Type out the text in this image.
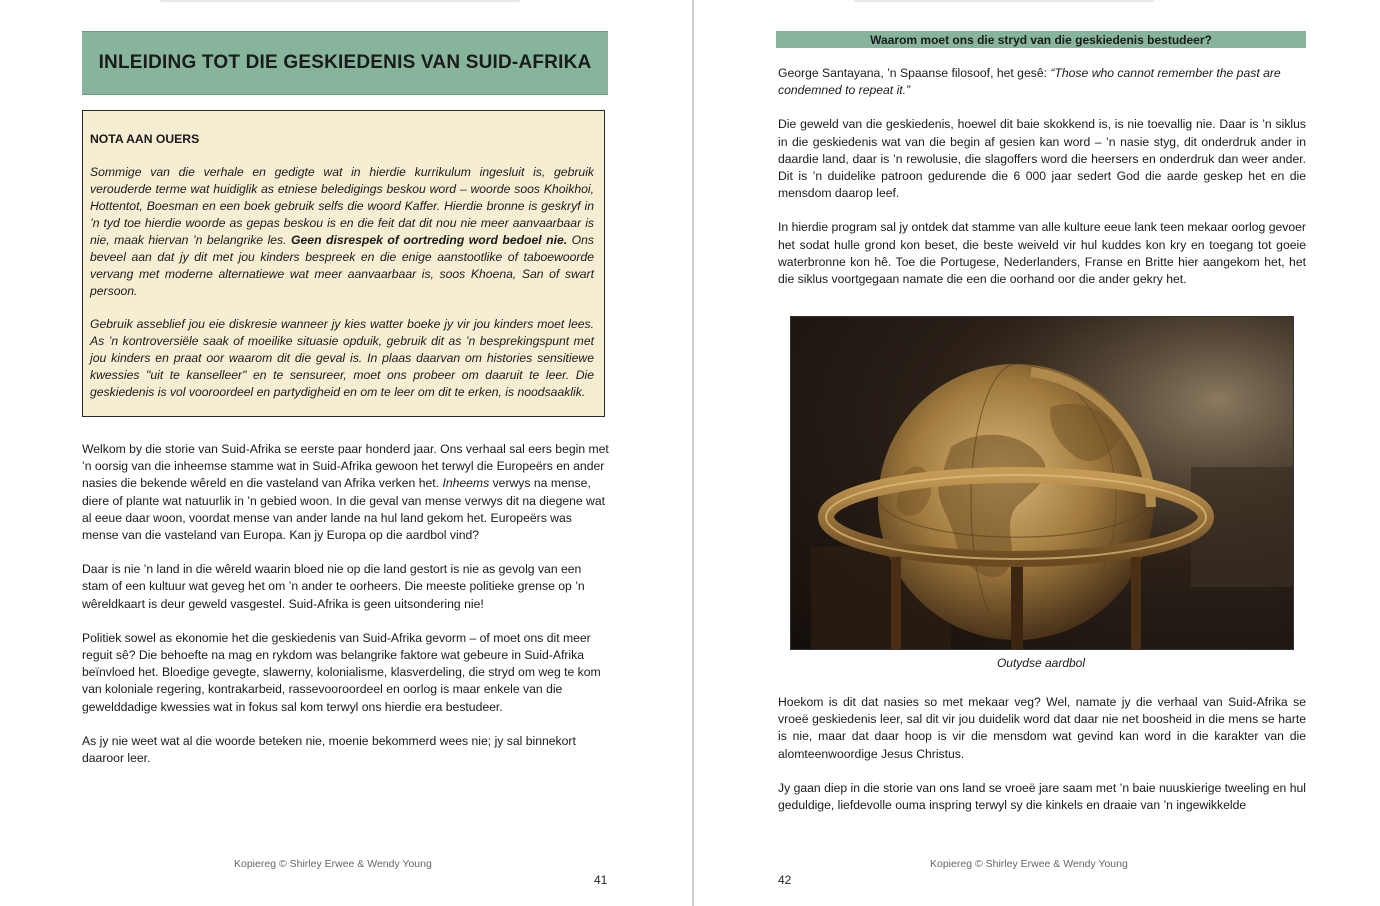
INLEIDING TOT DIE GESKIEDENIS VAN SUID-AFRIKA
NOTA AAN OUERS

Sommige van die verhale en gedigte wat in hierdie kurrikulum ingesluit is, gebruik verouderde terme wat huidiglik as etniese beledigings beskou word – woorde soos Khoikhoi, Hottentot, Boesman en een boek gebruik selfs die woord Kaffer. Hierdie bronne is geskryf in ’n tyd toe hierdie woorde as gepas beskou is en die feit dat dit nou nie meer aanvaarbaar is nie, maak hiervan ’n belangrike les. Geen disrespek of oortreding word bedoel nie. Ons beveel aan dat jy dit met jou kinders bespreek en die enige aanstootlike of taboewoorde vervang met moderne alternatiewe wat meer aanvaarbaar is, soos Khoena, San of swart persoon.

Gebruik asseblief jou eie diskresie wanneer jy kies watter boeke jy vir jou kinders moet lees. As ’n kontroversiële saak of moeilike situasie opduik, gebruik dit as ’n besprekingspunt met jou kinders en praat oor waarom dit die geval is. In plaas daarvan om histories sensitiewe kwessies "uit te kanselleer" en te sensureer, moet ons probeer om daaruit te leer. Die geskiedenis is vol vooroordeel en partydigheid en om te leer om dit te erken, is noodsaaklik.

Welkom by die storie van Suid-Afrika se eerste paar honderd jaar. Ons verhaal sal eers begin met ’n oorsig van die inheemse stamme wat in Suid-Afrika gewoon het terwyl die Europeërs en ander nasies die bekende wêreld en die vasteland van Afrika verken het. Inheems verwys na mense, diere of plante wat natuurlik in ’n gebied woon. In die geval van mense verwys dit na diegene wat al eeue daar woon, voordat mense van ander lande na hul land gekom het. Europeërs was mense van die vasteland van Europa. Kan jy Europa op die aardbol vind?

Daar is nie ’n land in die wêreld waarin bloed nie op die land gestort is nie as gevolg van een stam of een kultuur wat geveg het om ’n ander te oorheers. Die meeste politieke grense op ’n wêreldkaart is deur geweld vasgestel. Suid-Afrika is geen uitsondering nie!

Politiek sowel as ekonomie het die geskiedenis van Suid-Afrika gevorm – of moet ons dit meer reguit sê? Die behoefte na mag en rykdom was belangrike faktore wat gebeure in Suid-Afrika beïnvloed het. Bloedige gevegte, slawerny, kolonialisme, klasverdeling, die stryd om weg te kom van koloniale regering, kontrakarbeid, rassevooroordeel en oorlog is maar enkele van die gewelddadige kwessies wat in fokus sal kom terwyl ons hierdie era bestudeer.

As jy nie weet wat al die woorde beteken nie, moenie bekommerd wees nie; jy sal binnekort daaroor leer.

Kopiereg © Shirley Erwee & Wendy Young
41
Waarom moet ons die stryd van die geskiedenis bestudeer?

George Santayana, ’n Spaanse filosoof, het gesê: “Those who cannot remember the past are condemned to repeat it.”

Die geweld van die geskiedenis, hoewel dit baie skokkend is, is nie toevallig nie. Daar is ’n siklus in die geskiedenis wat van die begin af gesien kan word – ’n nasie styg, dit onderdruk ander in daardie land, daar is ’n rewolusie, die slagoffers word die heersers en onderdruk dan weer ander. Dit is ’n duidelike patroon gedurende die 6 000 jaar sedert God die aarde geskep het en die mensdom daarop leef.

In hierdie program sal jy ontdek dat stamme van alle kulture eeue lank teen mekaar oorlog gevoer het sodat hulle grond kon beset, die beste weiveld vir hul kuddes kon kry en toegang tot goeie waterbronne kon hê. Toe die Portugese, Nederlanders, Franse en Britte hier aangekom het, het die siklus voortgegaan namate die een die oorhand oor die ander gekry het.

Outydse aardbol

Hoekom is dit dat nasies so met mekaar veg? Wel, namate jy die verhaal van Suid-Afrika se vroeë geskiedenis leer, sal dit vir jou duidelik word dat daar nie net boosheid in die mens se harte is nie, maar dat daar hoop is vir die mensdom wat gevind kan word in die karakter van die alomteenwoordige Jesus Christus.

Jy gaan diep in die storie van ons land se vroeë jare saam met ’n baie nuuskierige tweeling en hul geduldige, liefdevolle ouma inspring terwyl sy die kinkels en draaie van ’n ingewikkelde

Kopiereg © Shirley Erwee & Wendy Young
42
